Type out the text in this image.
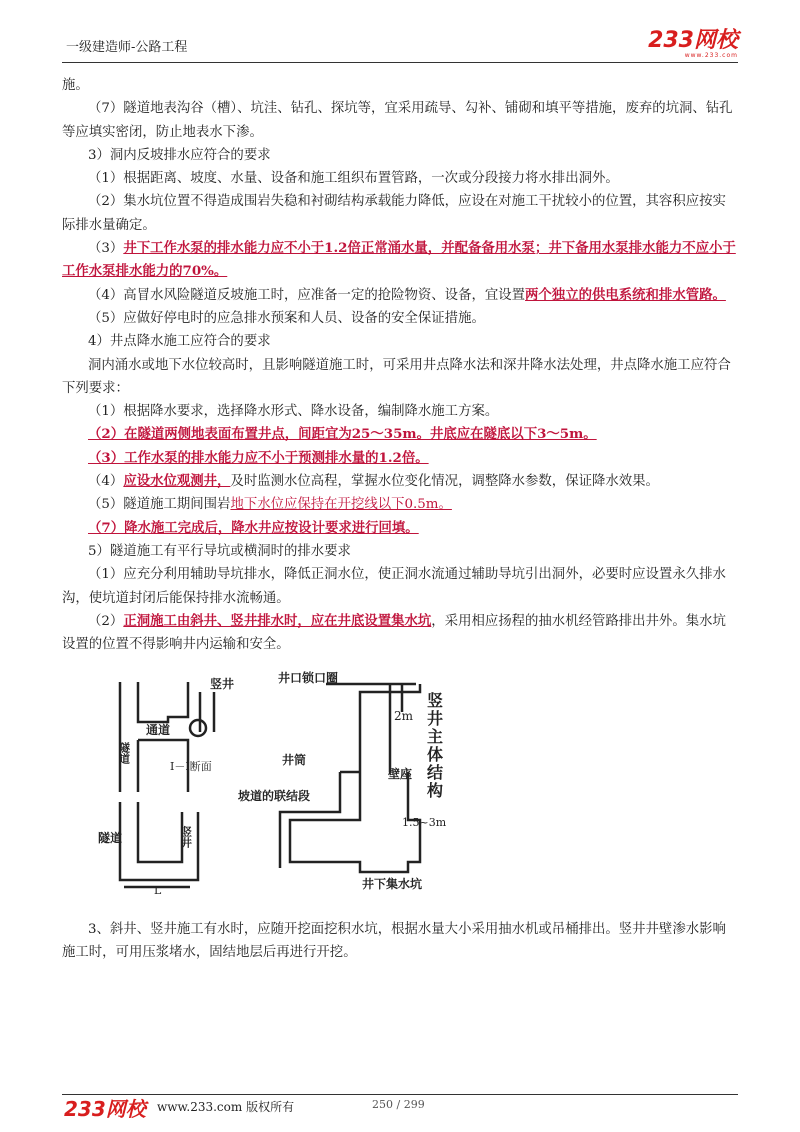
一级建造师-公路工程	233网校
www.233.com

施。

（7）隧道地表沟谷（槽）、坑洼、钻孔、探坑等，宜采用疏导、勾补、铺砌和填平等措施，废弃的坑洞、钻孔等应填实密闭，防止地表水下渗。

3）洞内反坡排水应符合的要求

（1）根据距离、坡度、水量、设备和施工组织布置管路，一次或分段接力将水排出洞外。

（2）集水坑位置不得造成围岩失稳和衬砌结构承载能力降低，应设在对施工干扰较小的位置，其容积应按实际排水量确定。

（3）井下工作水泵的排水能力应不小于1.2倍正常涌水量，并配备备用水泵；井下备用水泵排水能力不应小于工作水泵排水能力的70%。

（4）高冒水风险隧道反坡施工时，应准备一定的抢险物资、设备，宜设置两个独立的供电系统和排水管路。

（5）应做好停电时的应急排水预案和人员、设备的安全保证措施。

4）井点降水施工应符合的要求

洞内涌水或地下水位较高时，且影响隧道施工时，可采用井点降水法和深井降水法处理，井点降水施工应符合下列要求：

（1）根据降水要求，选择降水形式、降水设备，编制降水施工方案。

（2）在隧道两侧地表面布置井点，间距宜为25～35m。井底应在隧底以下3～5m。

（3）工作水泵的排水能力应不小于预测排水量的1.2倍。

（4）应设水位观测井，及时监测水位高程，掌握水位变化情况，调整降水参数，保证降水效果。

（5）隧道施工期间围岩地下水位应保持在开挖线以下0.5m。

（7）降水施工完成后，降水井应按设计要求进行回填。

5）隧道施工有平行导坑或横洞时的排水要求

（1）应充分利用辅助导坑排水，降低正洞水位，使正洞水流通过辅助导坑引出洞外，必要时应设置永久排水沟，使坑道封闭后能保持排水流畅通。

（2）正洞施工由斜井、竖井排水时，应在井底设置集水坑，采用相应扬程的抽水机经管路排出井外。集水坑设置的位置不得影响井内运输和安全。

竖井
隧道
通道
Ⅰ－Ⅰ断面
隧道	竖井
L
井口锁口圈
2m
井筒
壁座
坡道的联结段
1.5~3m
井下集水坑
竖井主体结构

3、斜井、竖井施工有水时，应随开挖面挖积水坑，根据水量大小采用抽水机或吊桶排出。竖井井壁渗水影响施工时，可用压浆堵水，固结地层后再进行开挖。

233网校 www.233.com 版权所有	250 / 299
